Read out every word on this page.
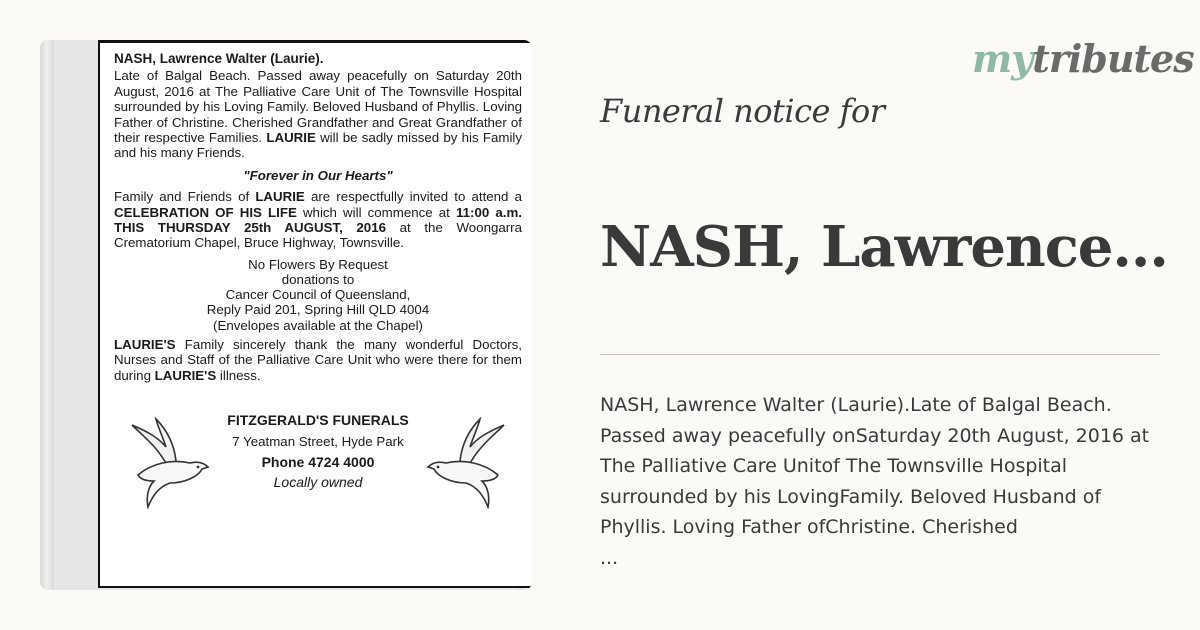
NASH, Lawrence Walter (Laurie).
Late of Balgal Beach. Passed away peacefully on Saturday 20th August, 2016 at The Palliative Care Unit of The Townsville Hospital surrounded by his Loving Family. Beloved Husband of Phyllis. Loving Father of Christine. Cherished Grandfather and Great Grandfather of their respective Families. LAURIE will be sadly missed by his Family and his many Friends.
"Forever in Our Hearts"
Family and Friends of LAURIE are respectfully invited to attend a CELEBRATION OF HIS LIFE which will commence at 11:00 a.m. THIS THURSDAY 25th AUGUST, 2016 at the Woongarra Crematorium Chapel, Bruce Highway, Townsville.
No Flowers By Request
donations to
Cancer Council of Queensland,
Reply Paid 201, Spring Hill QLD 4004
(Envelopes available at the Chapel)
LAURIE'S Family sincerely thank the many wonderful Doctors, Nurses and Staff of the Palliative Care Unit who were there for them during LAURIE'S illness.
FITZGERALD'S FUNERALS
7 Yeatman Street, Hyde Park
Phone 4724 4000
Locally owned
mytributes
Funeral notice for
NASH, Lawrence...
NASH, Lawrence Walter (Laurie).Late of Balgal Beach.
Passed away peacefully onSaturday 20th August, 2016 at
The Palliative Care Unitof The Townsville Hospital
surrounded by his LovingFamily. Beloved Husband of
Phyllis. Loving Father ofChristine. Cherished
...
